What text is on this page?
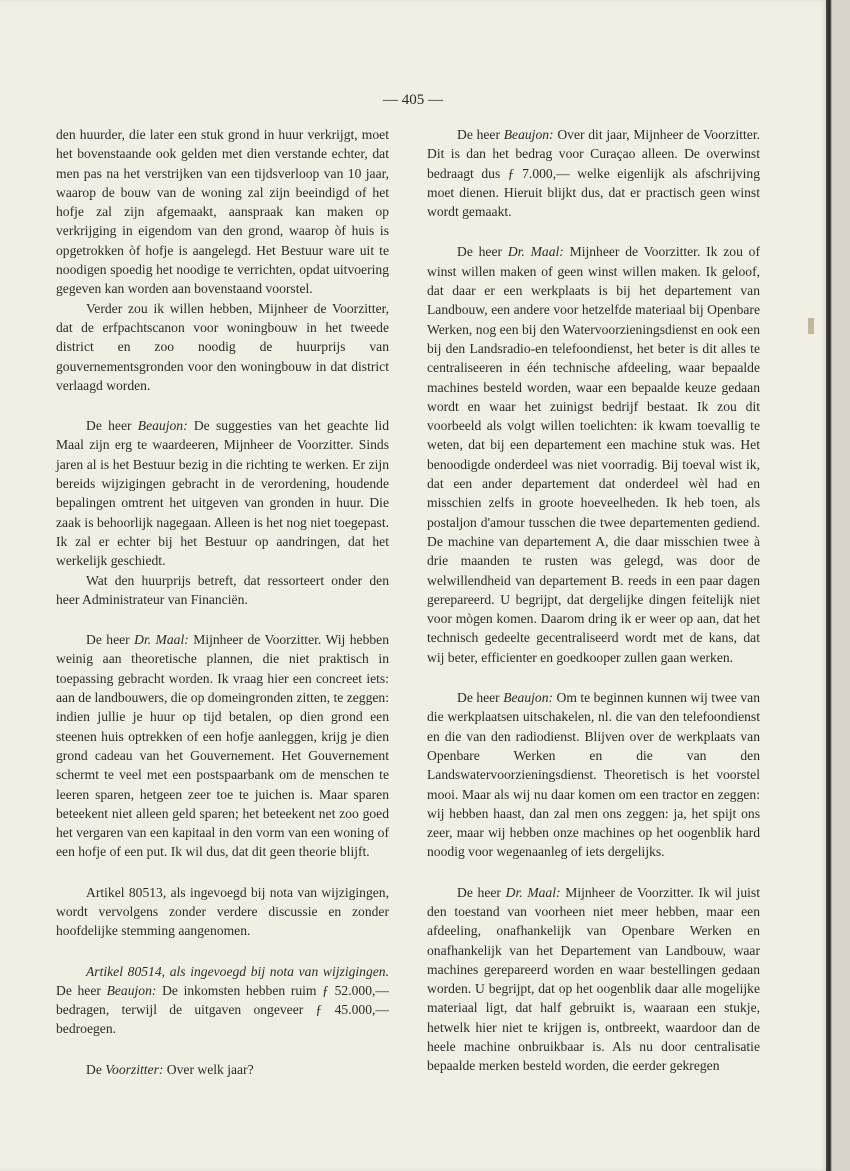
— 405 —

den huurder, die later een stuk grond in huur verkrijgt, moet het bovenstaande ook gelden met dien verstande echter, dat men pas na het verstrijken van een tijdsverloop van 10 jaar, waarop de bouw van de woning zal zijn beeindigd of het hofje zal zijn afgemaakt, aanspraak kan maken op verkrijging in eigendom van den grond, waarop òf huis is opgetrokken òf hofje is aangelegd. Het Bestuur ware uit te noodigen spoedig het noodige te verrichten, opdat uitvoering gegeven kan worden aan bovenstaand voorstel.

Verder zou ik willen hebben, Mijnheer de Voorzitter, dat de erfpachtscanon voor woningbouw in het tweede district en zoo noodig de huurprijs van gouvernementsgronden voor den woningbouw in dat district verlaagd worden.

De heer Beaujon: De suggesties van het geachte lid Maal zijn erg te waardeeren, Mijnheer de Voorzitter. Sinds jaren al is het Bestuur bezig in die richting te werken. Er zijn bereids wijzigingen gebracht in de verordening, houdende bepalingen omtrent het uitgeven van gronden in huur. Die zaak is behoorlijk nagegaan. Alleen is het nog niet toegepast. Ik zal er echter bij het Bestuur op aandringen, dat het werkelijk geschiedt.

Wat den huurprijs betreft, dat ressorteert onder den heer Administrateur van Financiën.

De heer Dr. Maal: Mijnheer de Voorzitter. Wij hebben weinig aan theoretische plannen, die niet praktisch in toepassing gebracht worden. Ik vraag hier een concreet iets: aan de landbouwers, die op domeingronden zitten, te zeggen: indien jullie je huur op tijd betalen, op dien grond een steenen huis optrekken of een hofje aanleggen, krijg je dien grond cadeau van het Gouvernement. Het Gouvernement schermt te veel met een postspaarbank om de menschen te leeren sparen, hetgeen zeer toe te juichen is. Maar sparen beteekent niet alleen geld sparen; het beteekent net zoo goed het vergaren van een kapitaal in den vorm van een woning of een hofje of een put. Ik wil dus, dat dit geen theorie blijft.

Artikel 80513, als ingevoegd bij nota van wijzigingen, wordt vervolgens zonder verdere discussie en zonder hoofdelijke stemming aangenomen.

Artikel 80514, als ingevoegd bij nota van wijzigingen. De heer Beaujon: De inkomsten hebben ruim ƒ 52.000,— bedragen, terwijl de uitgaven ongeveer ƒ 45.000,— bedroegen.

De Voorzitter: Over welk jaar?

De heer Beaujon: Over dit jaar, Mijnheer de Voorzitter. Dit is dan het bedrag voor Curaçao alleen. De overwinst bedraagt dus ƒ 7.000,— welke eigenlijk als afschrijving moet dienen. Hieruit blijkt dus, dat er practisch geen winst wordt gemaakt.

De heer Dr. Maal: Mijnheer de Voorzitter. Ik zou of winst willen maken of geen winst willen maken. Ik geloof, dat daar er een werkplaats is bij het departement van Landbouw, een andere voor hetzelfde materiaal bij Openbare Werken, nog een bij den Watervoorzieningsdienst en ook een bij den Landsradio-en telefoondienst, het beter is dit alles te centraliseeren in één technische afdeeling, waar bepaalde machines besteld worden, waar een bepaalde keuze gedaan wordt en waar het zuinigst bedrijf bestaat. Ik zou dit voorbeeld als volgt willen toelichten: ik kwam toevallig te weten, dat bij een departement een machine stuk was. Het benoodigde onderdeel was niet voorradig. Bij toeval wist ik, dat een ander departement dat onderdeel wèl had en misschien zelfs in groote hoeveelheden. Ik heb toen, als postaljon d'amour tusschen die twee departementen gediend. De machine van departement A, die daar misschien twee à drie maanden te rusten was gelegd, was door de welwillendheid van departement B. reeds in een paar dagen gerepareerd. U begrijpt, dat dergelijke dingen feitelijk niet voor mògen komen. Daarom dring ik er weer op aan, dat het technisch gedeelte gecentraliseerd wordt met de kans, dat wij beter, efficienter en goedkooper zullen gaan werken.

De heer Beaujon: Om te beginnen kunnen wij twee van die werkplaatsen uitschakelen, nl. die van den telefoondienst en die van den radiodienst. Blijven over de werkplaats van Openbare Werken en die van den Landswatervoorzieningsdienst. Theoretisch is het voorstel mooi. Maar als wij nu daar komen om een tractor en zeggen: wij hebben haast, dan zal men ons zeggen: ja, het spijt ons zeer, maar wij hebben onze machines op het oogenblik hard noodig voor wegenaanleg of iets dergelijks.

De heer Dr. Maal: Mijnheer de Voorzitter. Ik wil juist den toestand van voorheen niet meer hebben, maar een afdeeling, onafhankelijk van Openbare Werken en onafhankelijk van het Departement van Landbouw, waar machines gerepareerd worden en waar bestellingen gedaan worden. U begrijpt, dat op het oogenblik daar alle mogelijke materiaal ligt, dat half gebruikt is, waaraan een stukje, hetwelk hier niet te krijgen is, ontbreekt, waardoor dan de heele machine onbruikbaar is. Als nu door centralisatie bepaalde merken besteld worden, die eerder gekregen
